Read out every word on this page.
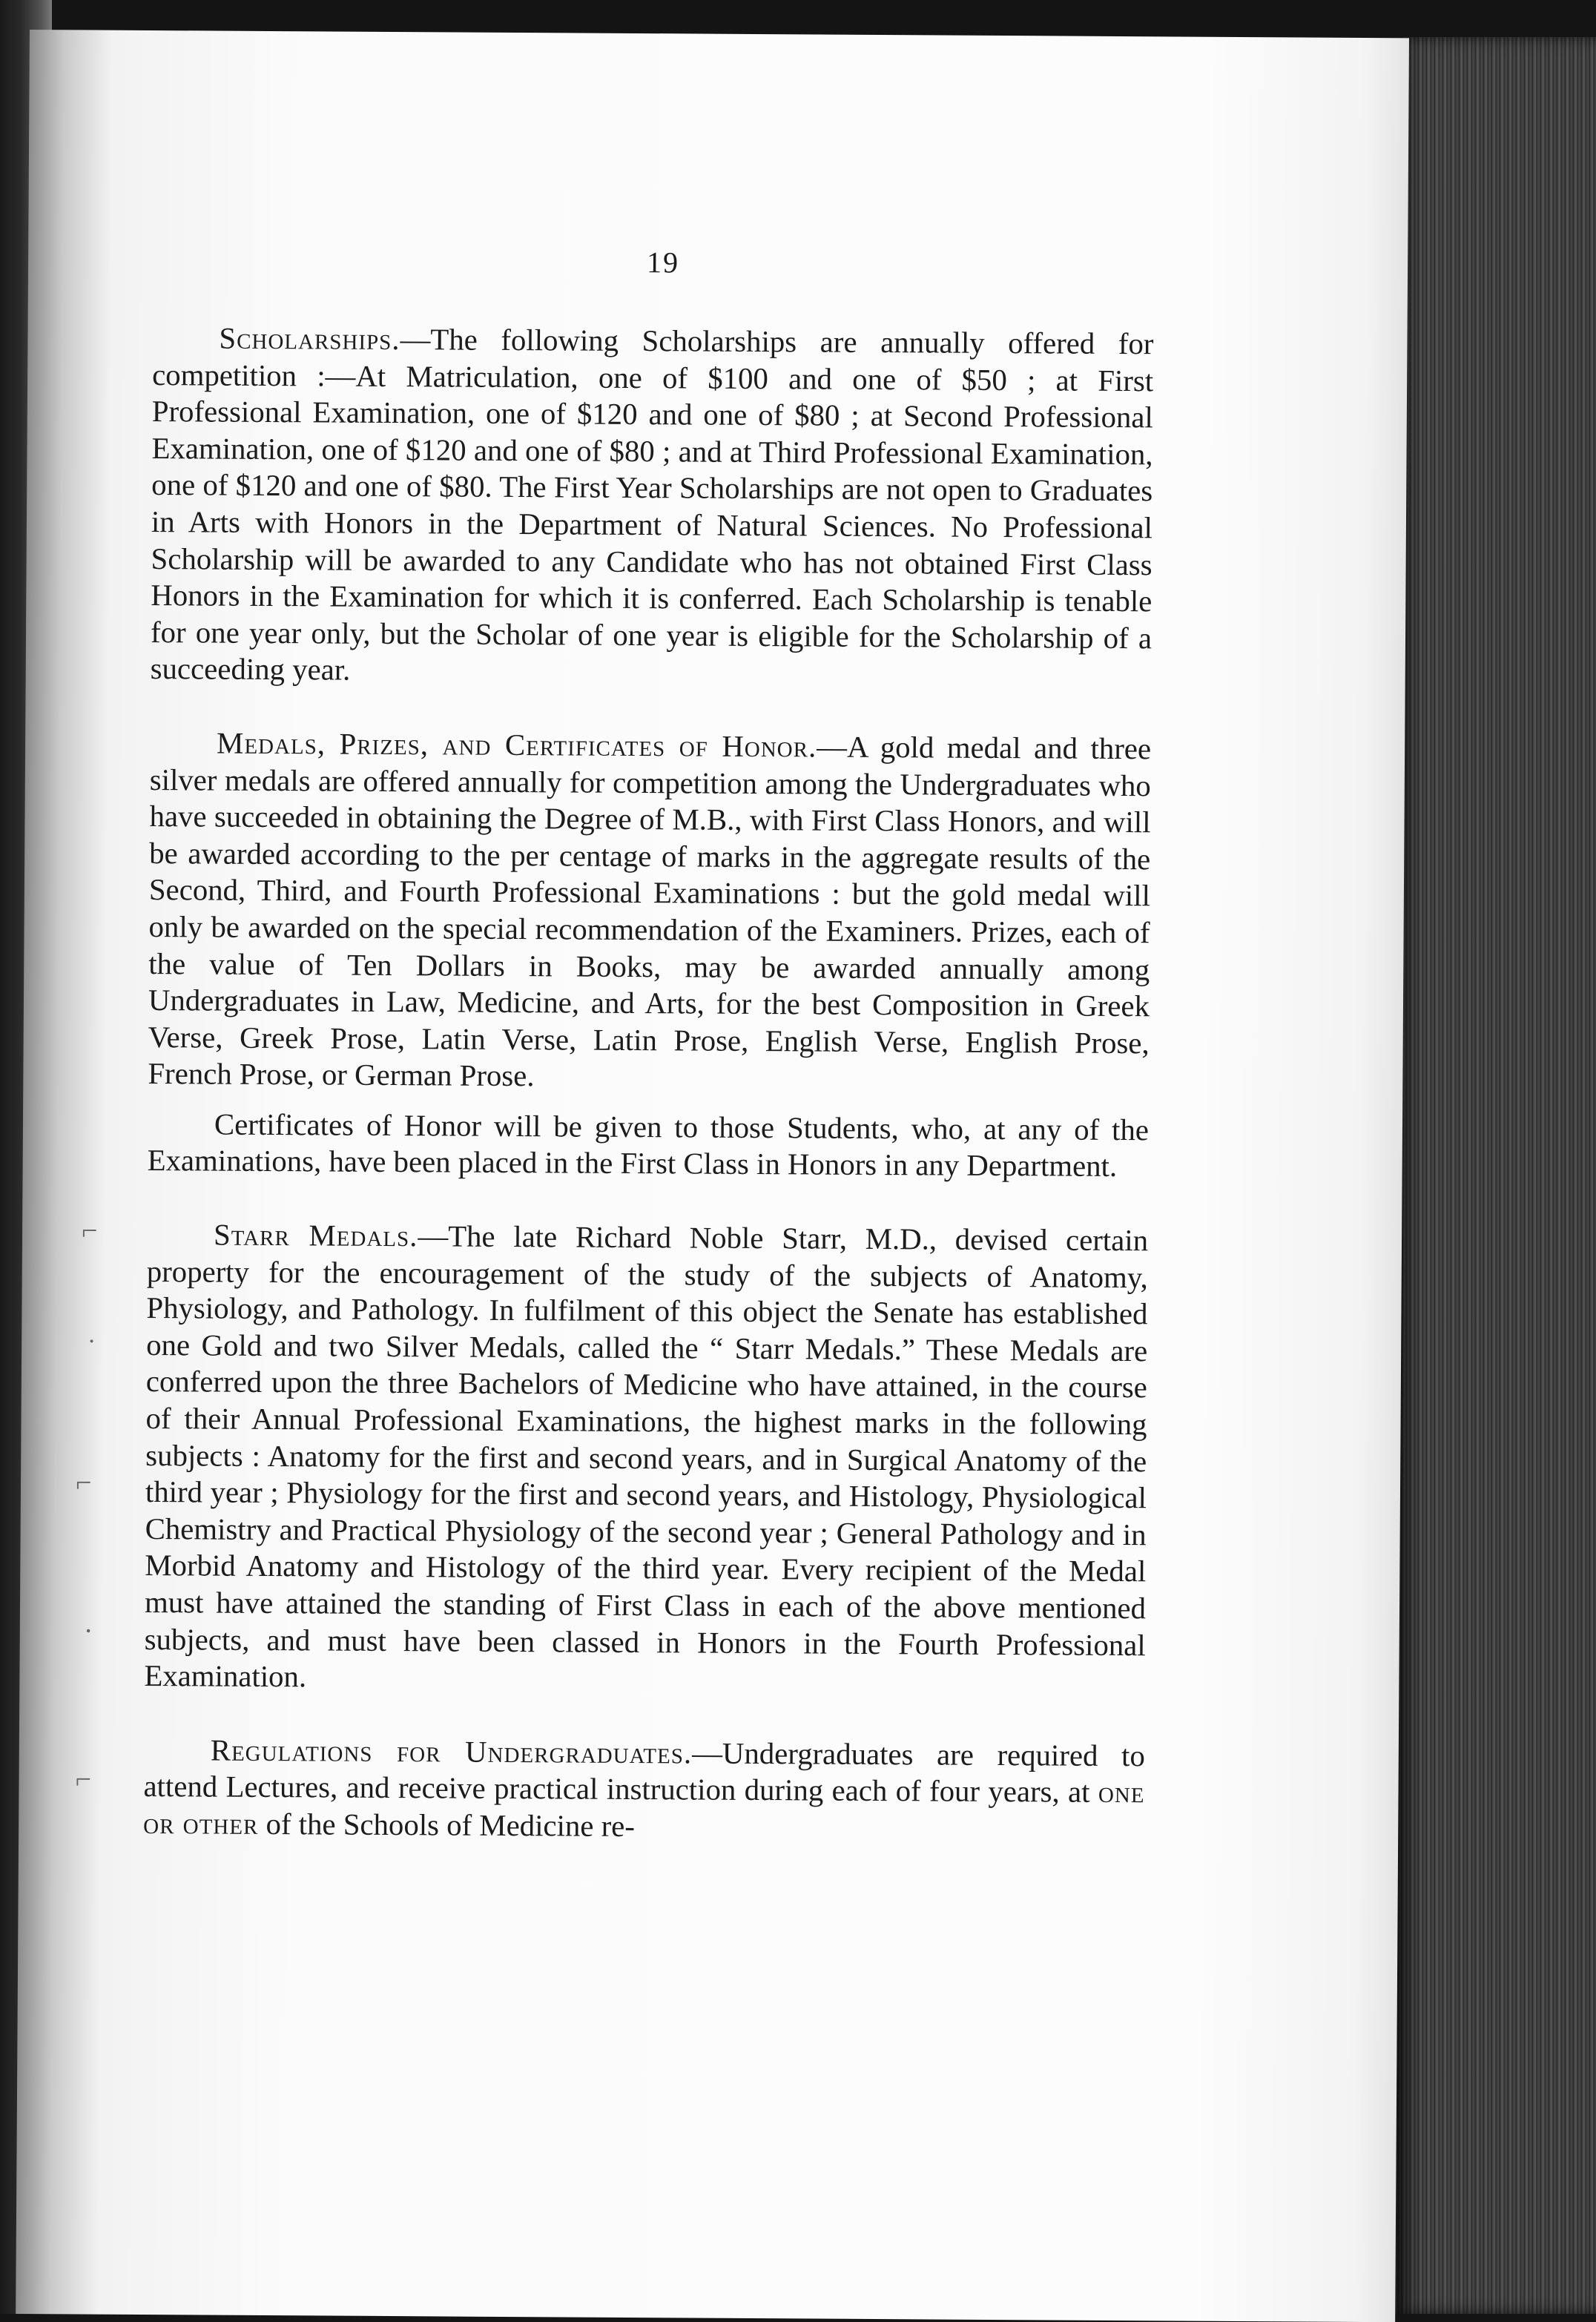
⌐
˙
⌐
·
⌐
19

Scholarships.—The following Scholarships are annually offered for competition :—At Matriculation, one of $100 and one of $50 ; at First Professional Examination, one of $120 and one of $80 ; at Second Professional Examination, one of $120 and one of $80 ; and at Third Professional Examination, one of $120 and one of $80. The First Year Scholarships are not open to Graduates in Arts with Honors in the Department of Natural Sciences. No Professional Scholarship will be awarded to any Candidate who has not obtained First Class Honors in the Examination for which it is conferred. Each Scholarship is tenable for one year only, but the Scholar of one year is eligible for the Scholarship of a succeeding year.

Medals, Prizes, and Certificates of Honor.—A gold medal and three silver medals are offered annually for competition among the Undergraduates who have succeeded in obtaining the Degree of M.B., with First Class Honors, and will be awarded according to the per centage of marks in the aggregate results of the Second, Third, and Fourth Professional Examinations : but the gold medal will only be awarded on the special recommendation of the Examiners. Prizes, each of the value of Ten Dollars in Books, may be awarded annually among Undergraduates in Law, Medicine, and Arts, for the best Composition in Greek Verse, Greek Prose, Latin Verse, Latin Prose, English Verse, English Prose, French Prose, or German Prose.

Certificates of Honor will be given to those Students, who, at any of the Examinations, have been placed in the First Class in Honors in any Department.

Starr Medals.—The late Richard Noble Starr, M.D., devised certain property for the encouragement of the study of the subjects of Anatomy, Physiology, and Pathology. In fulfilment of this object the Senate has established one Gold and two Silver Medals, called the “ Starr Medals.” These Medals are conferred upon the three Bachelors of Medicine who have attained, in the course of their Annual Professional Examinations, the highest marks in the following subjects : Anatomy for the first and second years, and in Surgical Anatomy of the third year ; Physiology for the first and second years, and Histology, Physiological Chemistry and Practical Physiology of the second year ; General Pathology and in Morbid Anatomy and Histology of the third year. Every recipient of the Medal must have attained the standing of First Class in each of the above mentioned subjects, and must have been classed in Honors in the Fourth Professional Examination.

Regulations for Undergraduates.—Undergraduates are required to attend Lectures, and receive practical instruction during each of four years, at one or other of the Schools of Medicine re-
